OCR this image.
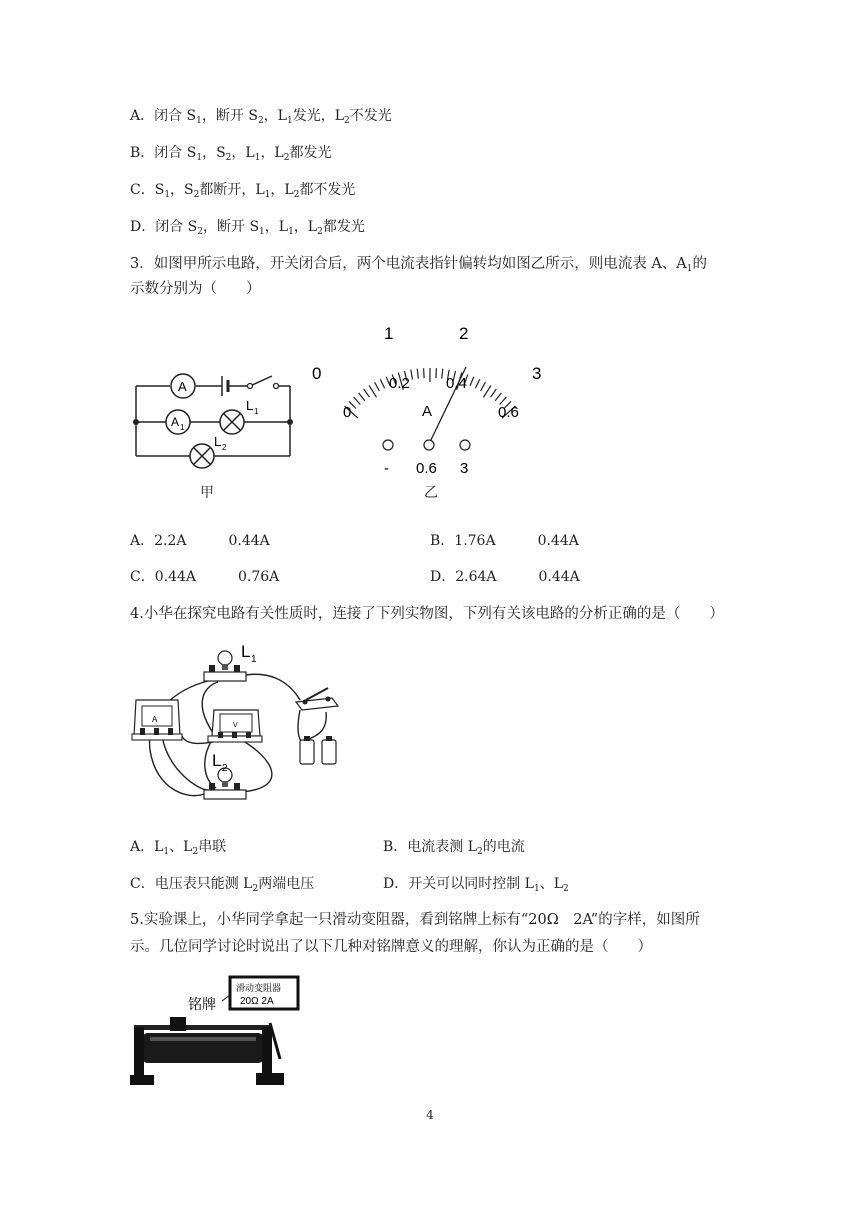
A．闭合 $S_1$，断开 $S_2$，$L_1$发光，$L_2$不发光
B．闭合 $S_1$，$S_2$，$L_1$，$L_2$都发光
C．$S_1$，$S_2$都断开，$L_1$，$L_2$都不发光
D．闭合 $S_2$，断开 $S_1$，$L_1$，$L_2$都发光
3．如图甲所示电路，开关闭合后，两个电流表指针偏转均如图乙所示，则电流表 A、$A_1$的
示数分别为（　　）
A
A 1
L 1
L 2
甲
0
1	2
3
0
0.2 0.4
0.6
A
- 0.6 3
乙
A．2.2A　　　0.44A	B．1.76A　　　0.44A
C．0.44A　　　0.76A	D．2.64A　　　0.44A
4.小华在探究电路有关性质时，连接了下列实物图，下列有关该电路的分析正确的是（　　）
L 1
A
V
L 2
A．$L_1$、$L_2$串联	B．电流表测 $L_2$的电流
C．电压表只能测 $L_2$两端电压	D．开关可以同时控制 $L_1$、$L_2$
5.实验课上，小华同学拿起一只滑动变阻器，看到铭牌上标有“20Ω　2A”的字样，如图所
示。几位同学讨论时说出了以下几种对铭牌意义的理解，你认为正确的是（　　）
滑动变阻器
20Ω 2A
铭牌
4
